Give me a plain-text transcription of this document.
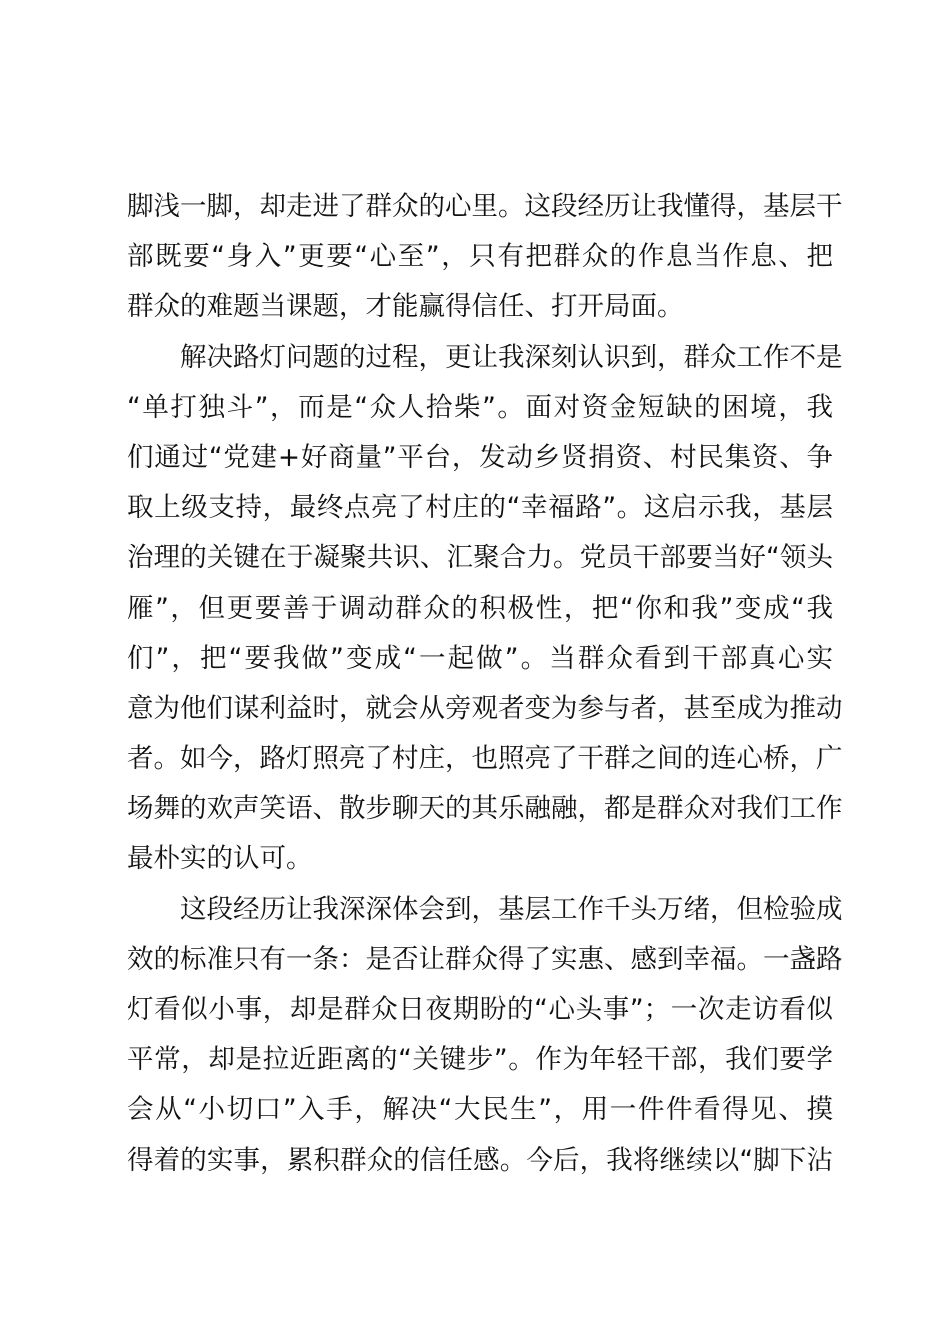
脚浅一脚，却走进了群众的心里。这段经历让我懂得，基层干
部既要“身入”更要“心至”，只有把群众的作息当作息、把
群众的难题当课题，才能赢得信任、打开局面。
　　解决路灯问题的过程，更让我深刻认识到，群众工作不是
“单打独斗”，而是“众人拾柴”。面对资金短缺的困境，我
们通过“党建+好商量”平台，发动乡贤捐资、村民集资、争
取上级支持，最终点亮了村庄的“幸福路”。这启示我，基层
治理的关键在于凝聚共识、汇聚合力。党员干部要当好“领头
雁”，但更要善于调动群众的积极性，把“你和我”变成“我
们”，把“要我做”变成“一起做”。当群众看到干部真心实
意为他们谋利益时，就会从旁观者变为参与者，甚至成为推动
者。如今，路灯照亮了村庄，也照亮了干群之间的连心桥，广
场舞的欢声笑语、散步聊天的其乐融融，都是群众对我们工作
最朴实的认可。
　　这段经历让我深深体会到，基层工作千头万绪，但检验成
效的标准只有一条：是否让群众得了实惠、感到幸福。一盏路
灯看似小事，却是群众日夜期盼的“心头事”；一次走访看似
平常，却是拉近距离的“关键步”。作为年轻干部，我们要学
会从“小切口”入手，解决“大民生”，用一件件看得见、摸
得着的实事，累积群众的信任感。今后，我将继续以“脚下沾
